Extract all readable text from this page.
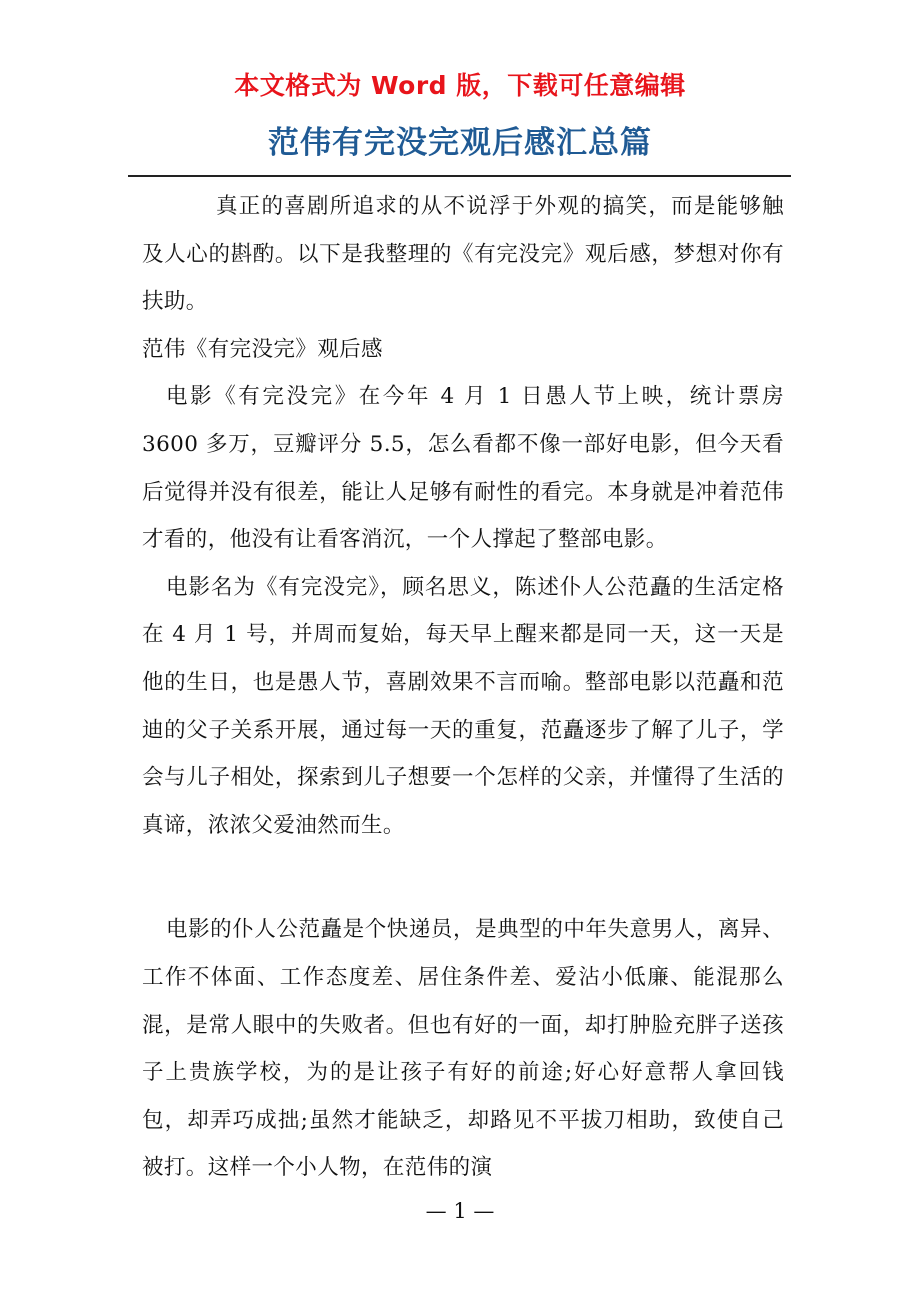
本文格式为 Word 版，下载可任意编辑
范伟有完没完观后感汇总篇

真正的喜剧所追求的从不说浮于外观的搞笑，而是能够触及人心的斟酌。以下是我整理的《有完没完》观后感，梦想对你有扶助。

范伟《有完没完》观后感

电影《有完没完》在今年 4 月 1 日愚人节上映，统计票房 3600 多万，豆瓣评分 5.5，怎么看都不像一部好电影，但今天看后觉得并没有很差，能让人足够有耐性的看完。本身就是冲着范伟才看的，他没有让看客消沉，一个人撑起了整部电影。

电影名为《有完没完》，顾名思义，陈述仆人公范矗的生活定格在 4 月 1 号，并周而复始，每天早上醒来都是同一天，这一天是他的生日，也是愚人节，喜剧效果不言而喻。整部电影以范矗和范迪的父子关系开展，通过每一天的重复，范矗逐步了解了儿子，学会与儿子相处，探索到儿子想要一个怎样的父亲，并懂得了生活的真谛，浓浓父爱油然而生。

电影的仆人公范矗是个快递员，是典型的中年失意男人，离异、工作不体面、工作态度差、居住条件差、爱沾小低廉、能混那么混，是常人眼中的失败者。但也有好的一面，却打肿脸充胖子送孩子上贵族学校，为的是让孩子有好的前途;好心好意帮人拿回钱包，却弄巧成拙;虽然才能缺乏，却路见不平拔刀相助，致使自己被打。这样一个小人物，在范伟的演

— 1 —
